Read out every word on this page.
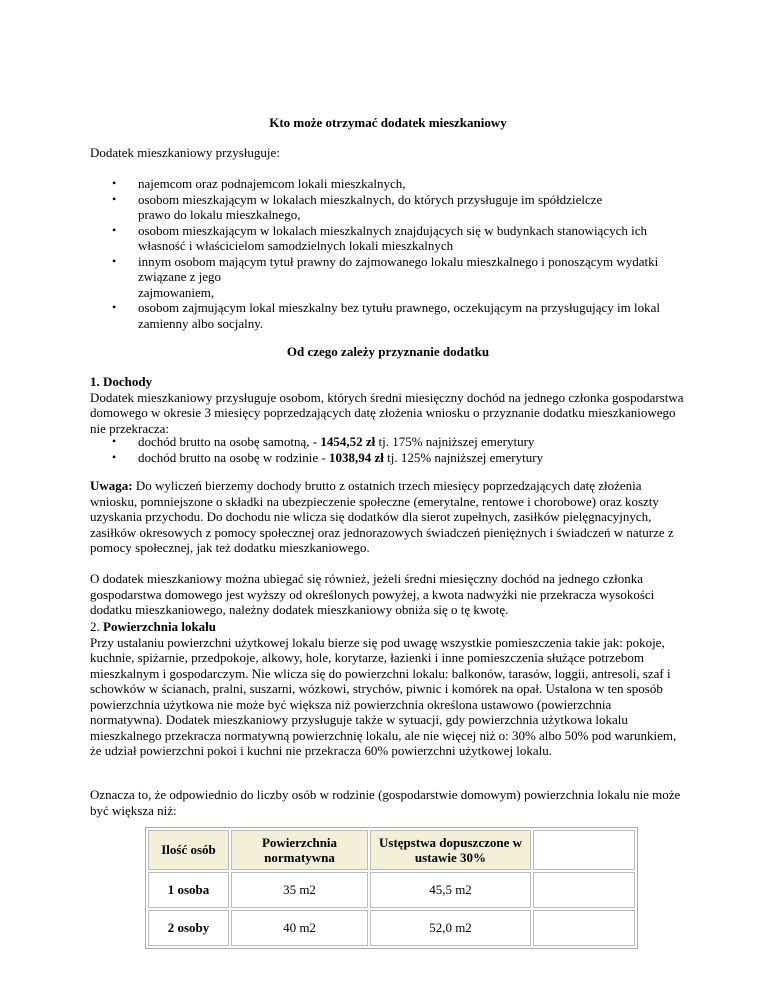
Kto może otrzymać dodatek mieszkaniowy

Dodatek mieszkaniowy przysługuje:

• najemcom oraz podnajemcom lokali mieszkalnych,
• osobom mieszkającym w lokalach mieszkalnych, do których przysługuje im spółdzielcze prawo do lokalu mieszkalnego,
• osobom mieszkającym w lokalach mieszkalnych znajdujących się w budynkach stanowiących ich własność i właścicielom samodzielnych lokali mieszkalnych
• innym osobom mającym tytuł prawny do zajmowanego lokalu mieszkalnego i ponoszącym wydatki związane z jego
zajmowaniem,
• osobom zajmującym lokal mieszkalny bez tytułu prawnego, oczekującym na przysługujący im lokal zamienny albo socjalny.
Od czego zależy przyznanie dodatku

1. Dochody
Dodatek mieszkaniowy przysługuje osobom, których średni miesięczny dochód na jednego członka gospodarstwa domowego w okresie 3 miesięcy poprzedzających datę złożenia wniosku o przyznanie dodatku mieszkaniowego nie przekracza:

• dochód brutto na osobę samotną, - 1454,52 zł tj. 175% najniższej emerytury
• dochód brutto na osobę w rodzinie - 1038,94 zł tj. 125% najniższej emerytury

Uwaga: Do wyliczeń bierzemy dochody brutto z ostatnich trzech miesięcy poprzedzających datę złożenia wniosku, pomniejszone o składki na ubezpieczenie społeczne (emerytalne, rentowe i chorobowe) oraz koszty uzyskania przychodu. Do dochodu nie wlicza się dodatków dla sierot zupełnych, zasiłków pielęgnacyjnych, zasiłków okresowych z pomocy społecznej oraz jednorazowych świadczeń pieniężnych i świadczeń w naturze z pomocy społecznej, jak też dodatku mieszkaniowego.

O dodatek mieszkaniowy można ubiegać się również, jeżeli średni miesięczny dochód na jednego członka gospodarstwa domowego jest wyższy od określonych powyżej, a kwota nadwyżki nie przekracza wysokości dodatku mieszkaniowego, należny dodatek mieszkaniowy obniża się o tę kwotę.

2. Powierzchnia lokalu
Przy ustalaniu powierzchni użytkowej lokalu bierze się pod uwagę wszystkie pomieszczenia takie jak: pokoje, kuchnie, spiżarnie, przedpokoje, alkowy, hole, korytarze, łazienki i inne pomieszczenia służące potrzebom mieszkalnym i gospodarczym. Nie wlicza się do powierzchni lokalu: balkonów, tarasów, loggii, antresoli, szaf i schowków w ścianach, pralni, suszarni, wózkowi, strychów, piwnic i komórek na opał. Ustalona w ten sposób powierzchnia użytkowa nie może być większa niż powierzchnia określona ustawowo (powierzchnia normatywna). Dodatek mieszkaniowy przysługuje także w sytuacji, gdy powierzchnia użytkowa lokalu mieszkalnego przekracza normatywną powierzchnię lokalu, ale nie więcej niż o: 30% albo 50% pod warunkiem, że udział powierzchni pokoi i kuchni nie przekracza 60% powierzchni użytkowej lokalu.

Oznacza to, że odpowiednio do liczby osób w rodzinie (gospodarstwie domowym) powierzchnia lokalu nie może być większa niż:

Ilość osób	Powierzchnia normatywna	Ustępstwa dopuszczone w ustawie 30%	
1 osoba	35 m2	45,5 m2	
2 osoby	40 m2	52,0 m2	
